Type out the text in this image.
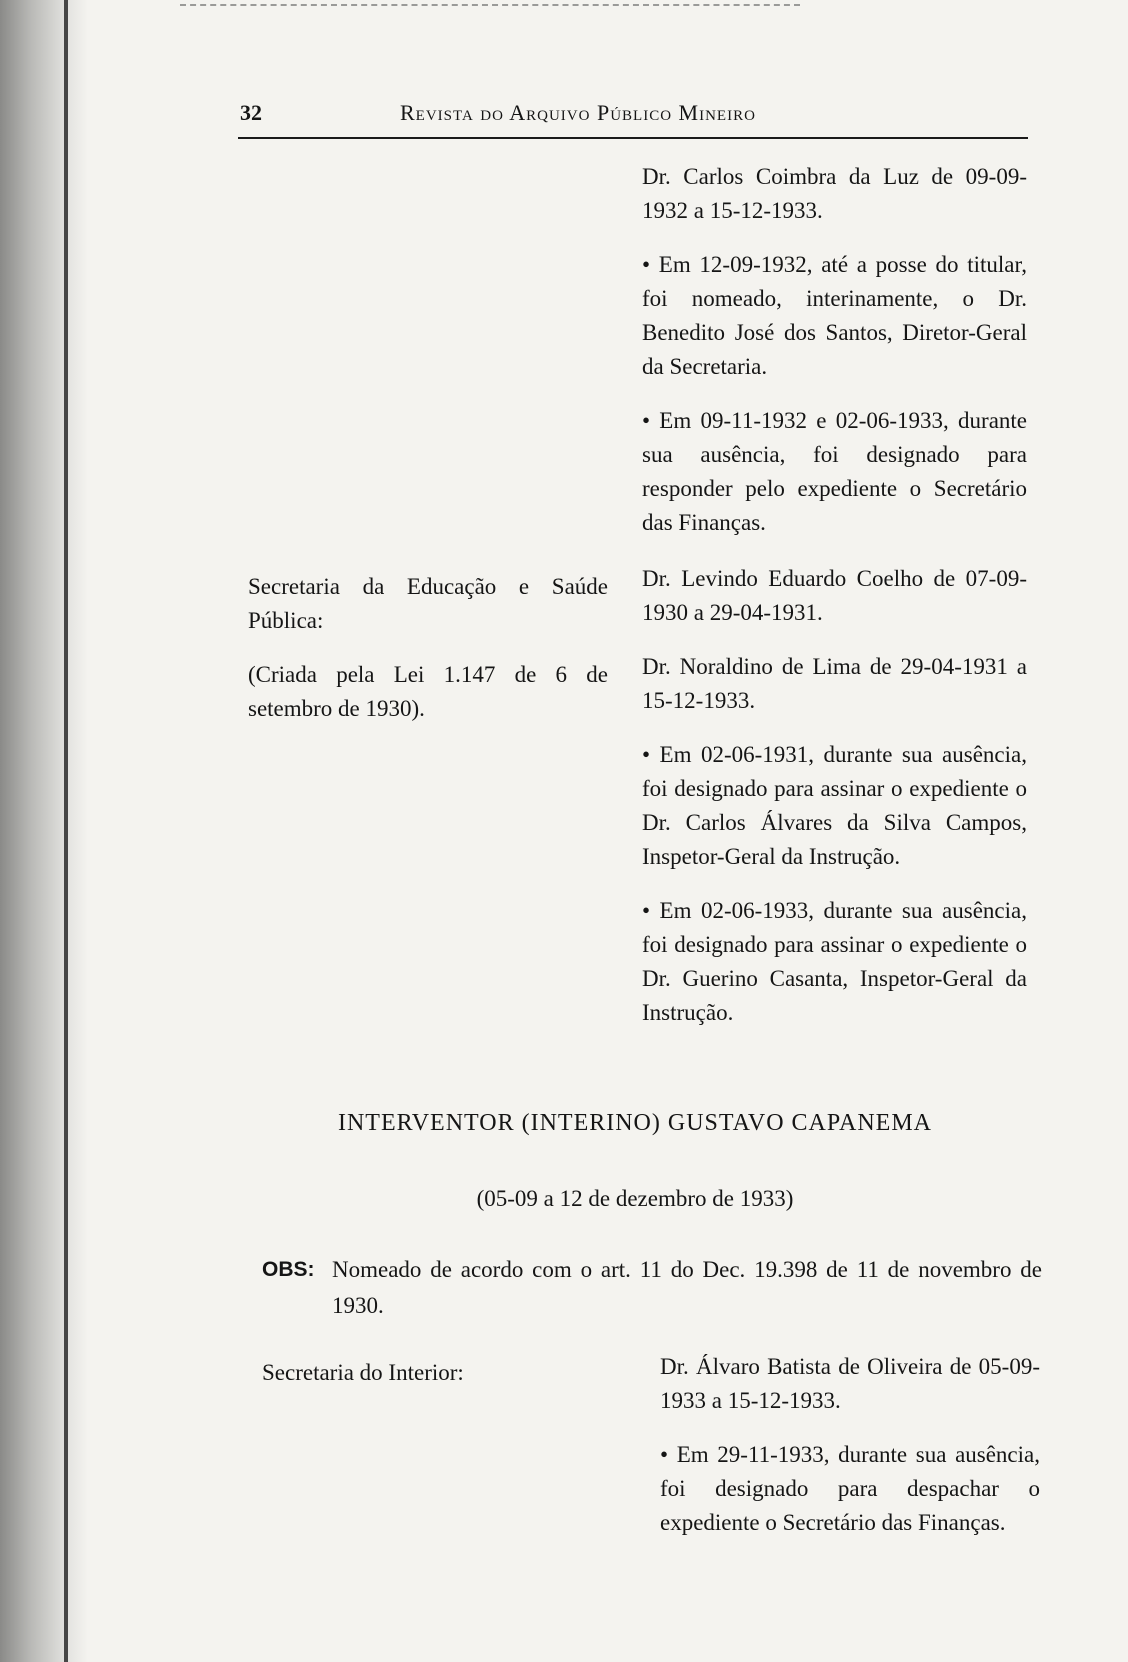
32	Revista do Arquivo Público Mineiro

Dr. Carlos Coimbra da Luz de 09-09-1932 a 15-12-1933.

• Em 12-09-1932, até a posse do titular, foi nomeado, interinamente, o Dr. Benedito José dos Santos, Diretor-Geral da Secretaria.

• Em 09-11-1932 e 02-06-1933, durante sua ausência, foi designado para responder pelo expediente o Secretário das Finanças.

Secretaria da Educação e Saúde Pública:

(Criada pela Lei 1.147 de 6 de setembro de 1930).

Dr. Levindo Eduardo Coelho de 07-09-1930 a 29-04-1931.

Dr. Noraldino de Lima de 29-04-1931 a 15-12-1933.

• Em 02-06-1931, durante sua ausência, foi designado para assinar o expediente o Dr. Carlos Álvares da Silva Campos, Inspetor-Geral da Instrução.

• Em 02-06-1933, durante sua ausência, foi designado para assinar o expediente o Dr. Guerino Casanta, Inspetor-Geral da Instrução.

INTERVENTOR (INTERINO) GUSTAVO CAPANEMA
(05-09 a 12 de dezembro de 1933)
OBS: Nomeado de acordo com o art. 11 do Dec. 19.398 de 11 de novembro de 1930.

Secretaria do Interior:	Dr. Álvaro Batista de Oliveira de 05-09-1933 a 15-12-1933.

• Em 29-11-1933, durante sua ausência, foi designado para despachar o expediente o Secretário das Finanças.
